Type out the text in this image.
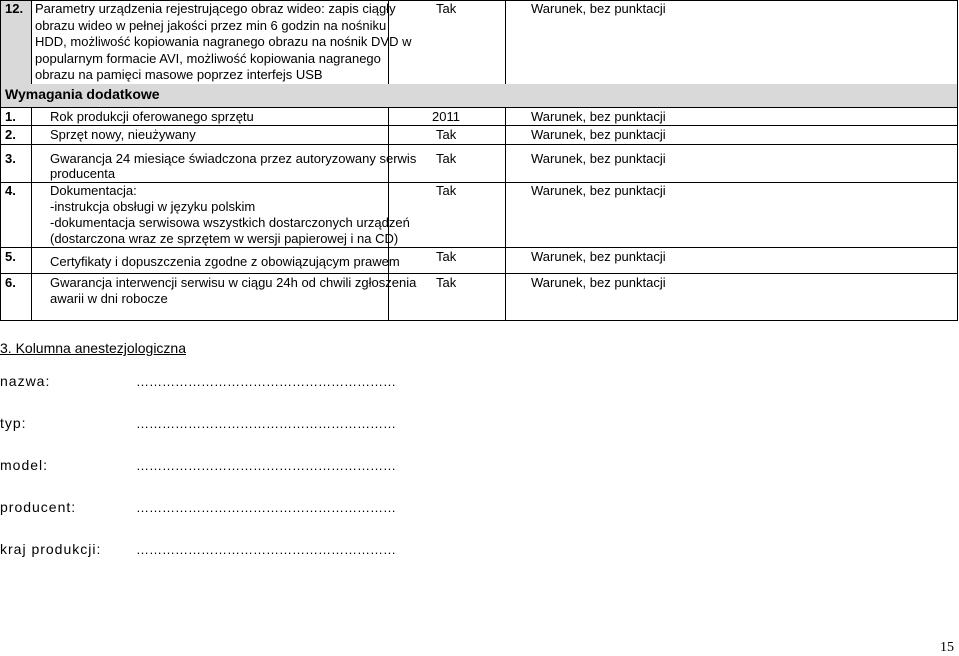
12. Parametry urządzenia rejestrującego obraz wideo: zapis ciągły
obrazu wideo w pełnej jakości przez min 6 godzin na nośniku
HDD, możliwość kopiowania nagranego obrazu na nośnik DVD w
popularnym formacie AVI, możliwość kopiowania nagranego
obrazu na pamięci masowe poprzez interfejs USB
Tak	Warunek, bez punktacji
Wymagania dodatkowe
1.	Rok produkcji oferowanego sprzętu	2011	Warunek, bez punktacji
2.	Sprzęt nowy, nieużywany	Tak	Warunek, bez punktacji
3.	Gwarancja 24 miesiące świadczona przez autoryzowany serwis
producenta
Tak	Warunek, bez punktacji
4.	Dokumentacja:
-instrukcja obsługi w języku polskim
-dokumentacja serwisowa wszystkich dostarczonych urządzeń
(dostarczona wraz ze sprzętem w wersji papierowej i na CD)
Tak	Warunek, bez punktacji
5.	Certyfikaty i dopuszczenia zgodne z obowiązującym prawem	Tak	Warunek, bez punktacji
6.	Gwarancja interwencji serwisu w ciągu 24h od chwili zgłoszenia
awarii w dni robocze
Tak	Warunek, bez punktacji
3. Kolumna anestezjologiczna
nazwa:	……………………………………………………
typ:	……………………………………………………
model:	……………………………………………………
producent:	……………………………………………………
kraj produkcji:	……………………………………………………
15
